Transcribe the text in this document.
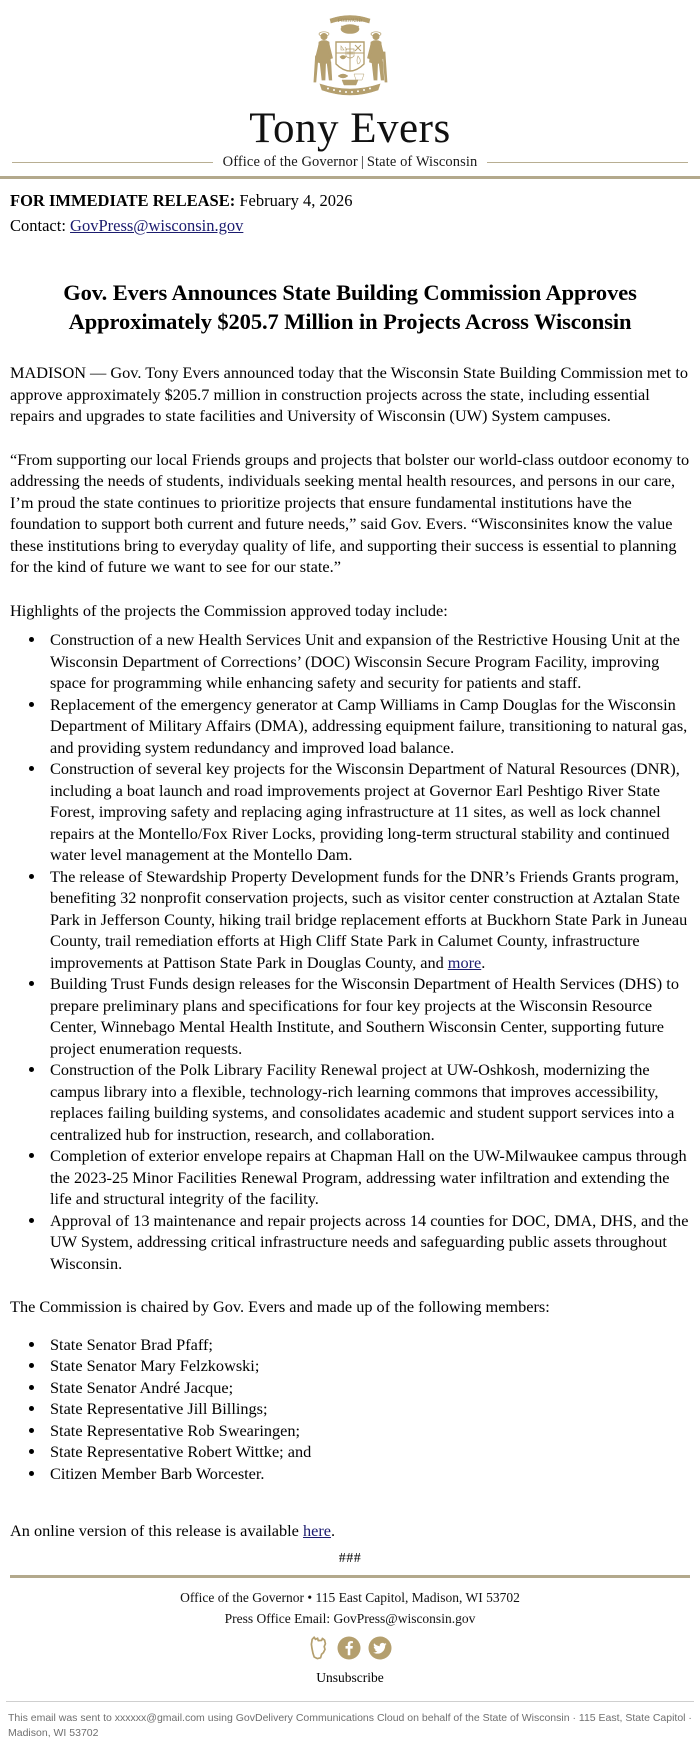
FORWARD
Tony Evers
Office of the Governor | State of Wisconsin
FOR IMMEDIATE RELEASE: February 4, 2026
Contact: GovPress@wisconsin.gov
Gov. Evers Announces State Building Commission Approves Approximately $205.7 Million in Projects Across Wisconsin

MADISON — Gov. Tony Evers announced today that the Wisconsin State Building Commission met to approve approximately $205.7 million in construction projects across the state, including essential repairs and upgrades to state facilities and University of Wisconsin (UW) System campuses.

“From supporting our local Friends groups and projects that bolster our world-class outdoor economy to addressing the needs of students, individuals seeking mental health resources, and persons in our care, I’m proud the state continues to prioritize projects that ensure fundamental institutions have the foundation to support both current and future needs,” said Gov. Evers. “Wisconsinites know the value these institutions bring to everyday quality of life, and supporting their success is essential to planning for the kind of future we want to see for our state.”

Highlights of the projects the Commission approved today include:

• Construction of a new Health Services Unit and expansion of the Restrictive Housing Unit at the Wisconsin Department of Corrections’ (DOC) Wisconsin Secure Program Facility, improving space for programming while enhancing safety and security for patients and staff.
• Replacement of the emergency generator at Camp Williams in Camp Douglas for the Wisconsin Department of Military Affairs (DMA), addressing equipment failure, transitioning to natural gas, and providing system redundancy and improved load balance.
• Construction of several key projects for the Wisconsin Department of Natural Resources (DNR), including a boat launch and road improvements project at Governor Earl Peshtigo River State Forest, improving safety and replacing aging infrastructure at 11 sites, as well as lock channel repairs at the Montello/Fox River Locks, providing long-term structural stability and continued water level management at the Montello Dam.
• The release of Stewardship Property Development funds for the DNR’s Friends Grants program, benefiting 32 nonprofit conservation projects, such as visitor center construction at Aztalan State Park in Jefferson County, hiking trail bridge replacement efforts at Buckhorn State Park in Juneau County, trail remediation efforts at High Cliff State Park in Calumet County, infrastructure improvements at Pattison State Park in Douglas County, and more.
• Building Trust Funds design releases for the Wisconsin Department of Health Services (DHS) to prepare preliminary plans and specifications for four key projects at the Wisconsin Resource Center, Winnebago Mental Health Institute, and Southern Wisconsin Center, supporting future project enumeration requests.
• Construction of the Polk Library Facility Renewal project at UW-Oshkosh, modernizing the campus library into a flexible, technology-rich learning commons that improves accessibility, replaces failing building systems, and consolidates academic and student support services into a centralized hub for instruction, research, and collaboration.
• Completion of exterior envelope repairs at Chapman Hall on the UW-Milwaukee campus through the 2023-25 Minor Facilities Renewal Program, addressing water infiltration and extending the life and structural integrity of the facility.
• Approval of 13 maintenance and repair projects across 14 counties for DOC, DMA, DHS, and the UW System, addressing critical infrastructure needs and safeguarding public assets throughout Wisconsin.

The Commission is chaired by Gov. Evers and made up of the following members:

• State Senator Brad Pfaff;
• State Senator Mary Felzkowski;
• State Senator André Jacque;
• State Representative Jill Billings;
• State Representative Rob Swearingen;
• State Representative Robert Wittke; and
• Citizen Member Barb Worcester.
An online version of this release is available here.
###
Office of the Governor • 115 East Capitol, Madison, WI 53702
Press Office Email: GovPress@wisconsin.gov
Unsubscribe
This email was sent to xxxxxx@gmail.com using GovDelivery Communications Cloud on behalf of the State of Wisconsin · 115 East, State Capitol · Madison, WI 53702
